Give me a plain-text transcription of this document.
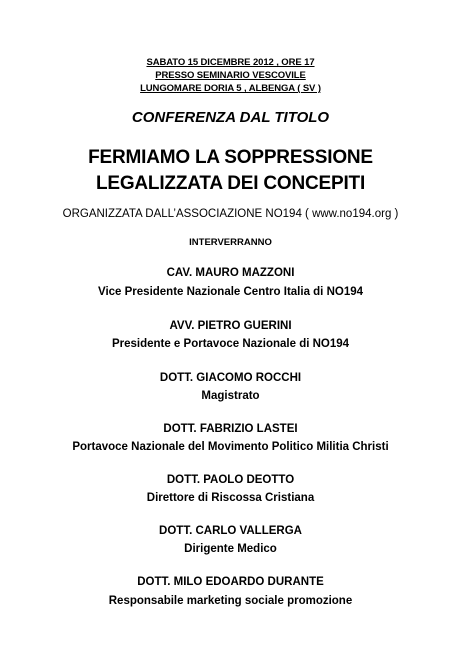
SABATO 15 DICEMBRE 2012 , ORE 17
PRESSO SEMINARIO VESCOVILE
LUNGOMARE DORIA 5 , ALBENGA ( SV )
CONFERENZA DAL TITOLO
FERMIAMO LA SOPPRESSIONE
LEGALIZZATA DEI CONCEPITI
ORGANIZZATA DALL’ASSOCIAZIONE NO194 ( www.no194.org )
INTERVERRANNO
CAV. MAURO MAZZONI
Vice Presidente Nazionale Centro Italia di NO194
AVV. PIETRO GUERINI
Presidente e Portavoce Nazionale di NO194
DOTT. GIACOMO ROCCHI
Magistrato
DOTT. FABRIZIO LASTEI
Portavoce Nazionale del Movimento Politico Militia Christi
DOTT. PAOLO DEOTTO
Direttore di Riscossa Cristiana
DOTT. CARLO VALLERGA
Dirigente Medico
DOTT. MILO EDOARDO DURANTE
Responsabile marketing sociale promozione
